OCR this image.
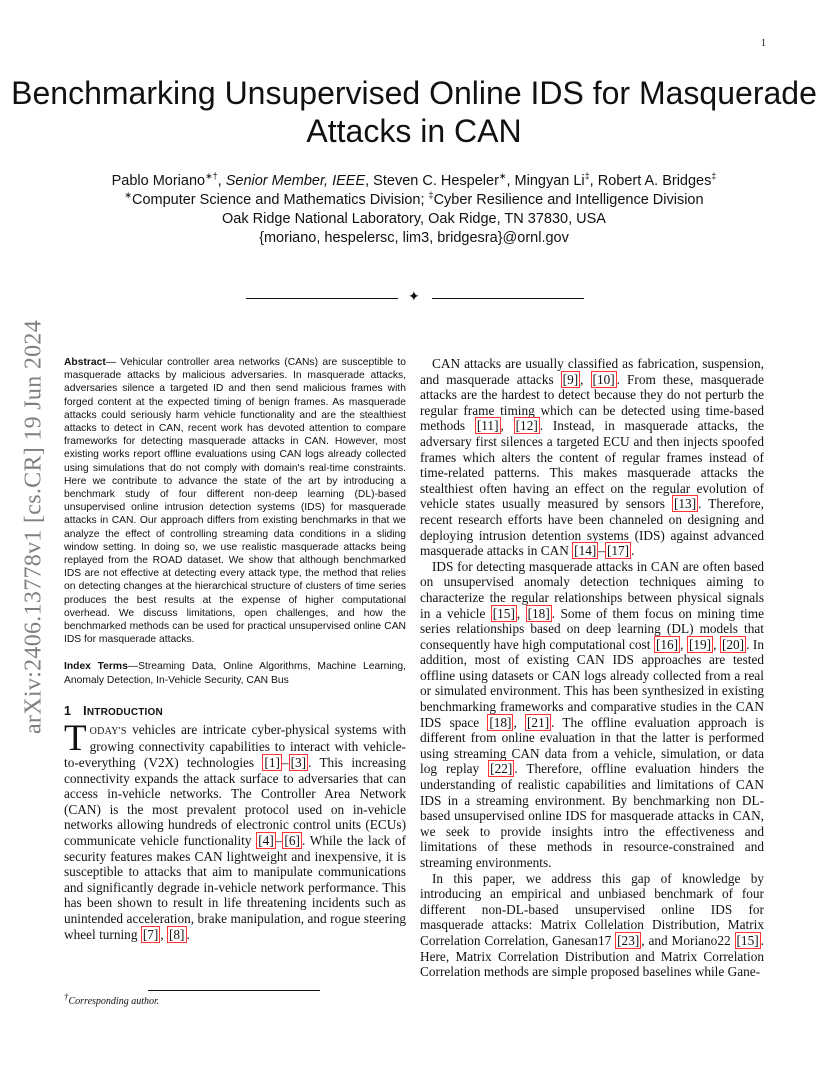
1
arXiv:2406.13778v1 [cs.CR] 19 Jun 2024
Benchmarking Unsupervised Online IDS for Masquerade Attacks in CAN
Pablo Moriano∗†, Senior Member, IEEE, Steven C. Hespeler∗, Mingyan Li‡, Robert A. Bridges‡
∗Computer Science and Mathematics Division; ‡Cyber Resilience and Intelligence Division
Oak Ridge National Laboratory, Oak Ridge, TN 37830, USA
{moriano, hespelersc, lim3, bridgesra}@ornl.gov
✦

Abstract— Vehicular controller area networks (CANs) are susceptible to masquerade attacks by malicious adversaries. In masquerade attacks, adversaries silence a targeted ID and then send malicious frames with forged content at the expected timing of benign frames. As masquerade attacks could seriously harm vehicle functionality and are the stealthiest attacks to detect in CAN, recent work has devoted attention to compare frameworks for detecting masquerade attacks in CAN. However, most existing works report offline evaluations using CAN logs already collected using simulations that do not comply with domain's real-time constraints. Here we contribute to advance the state of the art by introducing a benchmark study of four different non-deep learning (DL)-based unsupervised online intrusion detection systems (IDS) for masquerade attacks in CAN. Our approach differs from existing benchmarks in that we analyze the effect of controlling streaming data conditions in a sliding window setting. In doing so, we use realistic masquerade attacks being replayed from the ROAD dataset. We show that although benchmarked IDS are not effective at detecting every attack type, the method that relies on detecting changes at the hierarchical structure of clusters of time series produces the best results at the expense of higher computational overhead. We discuss limitations, open challenges, and how the benchmarked methods can be used for practical unsupervised online CAN IDS for masquerade attacks.

Index Terms—Streaming Data, Online Algorithms, Machine Learning, Anomaly Detection, In-Vehicle Security, CAN Bus

1 INTRODUCTION

TODAY'S vehicles are intricate cyber-physical systems with growing connectivity capabilities to interact with vehicle-to-everything (V2X) technologies [1] – [3] . This increasing connectivity expands the attack surface to adversaries that can access in-vehicle networks. The Controller Area Network (CAN) is the most prevalent protocol used on in-vehicle networks allowing hundreds of electronic control units (ECUs) communicate vehicle functionality [4] – [6] . While the lack of security features makes CAN lightweight and inexpensive, it is susceptible to attacks that aim to manipulate communications and significantly degrade in-vehicle network performance. This has been shown to result in life threatening incidents such as unintended acceleration, brake manipulation, and rogue steering wheel turning [7] , [8] .

CAN attacks are usually classified as fabrication, suspension, and masquerade attacks [9] , [10] . From these, masquerade attacks are the hardest to detect because they do not perturb the regular frame timing which can be detected using time-based methods [11] , [12] . Instead, in masquerade attacks, the adversary first silences a targeted ECU and then injects spoofed frames which alters the content of regular frames instead of time-related patterns. This makes masquerade attacks the stealthiest often having an effect on the regular evolution of vehicle states usually measured by sensors [13] . Therefore, recent research efforts have been channeled on designing and deploying intrusion detention systems (IDS) against advanced masquerade attacks in CAN [14] – [17] .

IDS for detecting masquerade attacks in CAN are often based on unsupervised anomaly detection techniques aiming to characterize the regular relationships between physical signals in a vehicle [15] , [18] . Some of them focus on mining time series relationships based on deep learning (DL) models that consequently have high computational cost [16] , [19] , [20] . In addition, most of existing CAN IDS approaches are tested offline using datasets or CAN logs already collected from a real or simulated environment. This has been synthesized in existing benchmarking frameworks and comparative studies in the CAN IDS space [18] , [21] . The offline evaluation approach is different from online evaluation in that the latter is performed using streaming CAN data from a vehicle, simulation, or data log replay [22] . Therefore, offline evaluation hinders the understanding of realistic capabilities and limitations of CAN IDS in a streaming environment. By benchmarking non DL-based unsupervised online IDS for masquerade attacks in CAN, we seek to provide insights intro the effectiveness and limitations of these methods in resource-constrained and streaming environments.

In this paper, we address this gap of knowledge by introducing an empirical and unbiased benchmark of four different non-DL-based unsupervised online IDS for masquerade attacks: Matrix Collelation Distribution, Matrix Correlation Correlation, Ganesan17 [23] , and Moriano22 [15] . Here, Matrix Correlation Distribution and Matrix Correlation Correlation methods are simple proposed baselines while Gane-

†Corresponding author.
